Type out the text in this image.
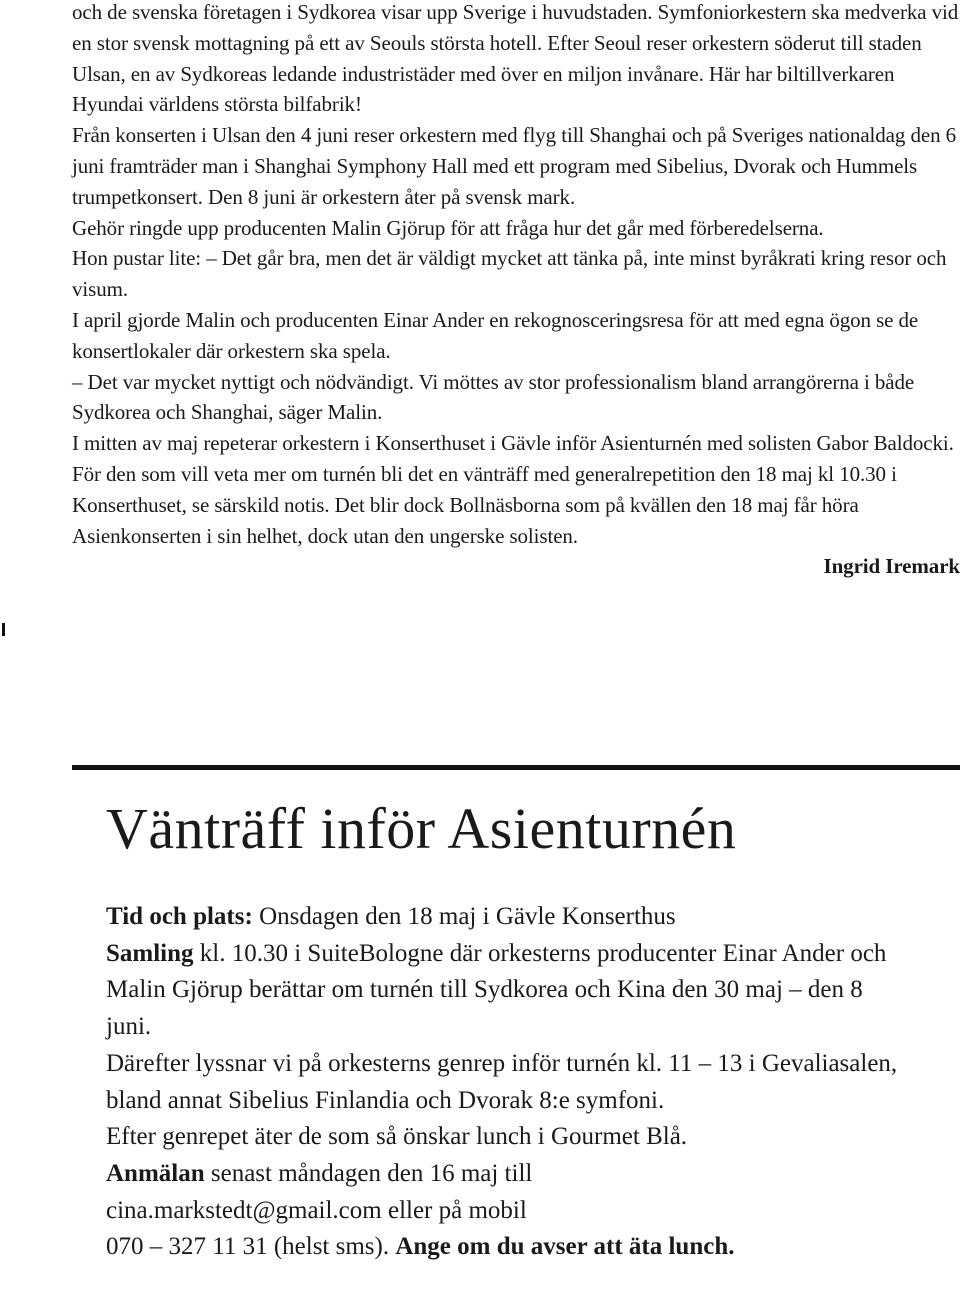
och de svenska företagen i Sydkorea visar upp Sverige i huvudstaden. Symfoniorkestern ska medverka vid en stor svensk mottagning på ett av Seouls största hotell. Efter Seoul reser orkestern söderut till staden Ulsan, en av Sydkoreas ledande industristäder med över en miljon invånare. Här har biltillverkaren Hyundai världens största bilfabrik!

Från konserten i Ulsan den 4 juni reser orkestern med flyg till Shanghai och på Sveriges nationaldag den 6 juni framträder man i Shanghai Symphony Hall med ett program med Sibelius, Dvorak och Hummels trumpetkonsert. Den 8 juni är orkestern åter på svensk mark.

Gehör ringde upp producenten Malin Gjörup för att fråga hur det går med förberedelserna.

Hon pustar lite: – Det går bra, men det är väldigt mycket att tänka på, inte minst byråkrati kring resor och visum.

I april gjorde Malin och producenten Einar Ander en rekognosceringsresa för att med egna ögon se de konsertlokaler där orkestern ska spela.

– Det var mycket nyttigt och nödvändigt. Vi möttes av stor professionalism bland arrangörerna i både Sydkorea och Shanghai, säger Malin.

I mitten av maj repeterar orkestern i Konserthuset i Gävle inför Asienturnén med solisten Gabor Baldocki.

För den som vill veta mer om turnén bli det en vänträff med generalrepetition den 18 maj kl 10.30 i Konserthuset, se särskild notis. Det blir dock Bollnäsborna som på kvällen den 18 maj får höra Asienkonserten i sin helhet, dock utan den ungerske solisten.

Ingrid Iremark

Vänträff inför Asienturnén

Tid och plats: Onsdagen den 18 maj i Gävle Konserthus

Samling kl. 10.30 i SuiteBologne där orkesterns producenter Einar Ander och Malin Gjörup berättar om turnén till Sydkorea och Kina den 30 maj – den 8 juni.

Därefter lyssnar vi på orkesterns genrep inför turnén kl. 11 – 13 i Gevaliasalen, bland annat Sibelius Finlandia och Dvorak 8:e symfoni.

Efter genrepet äter de som så önskar lunch i Gourmet Blå.

Anmälan senast måndagen den 16 maj till

cina.markstedt@gmail.com eller på mobil

070 – 327 11 31 (helst sms). Ange om du avser att äta lunch.
